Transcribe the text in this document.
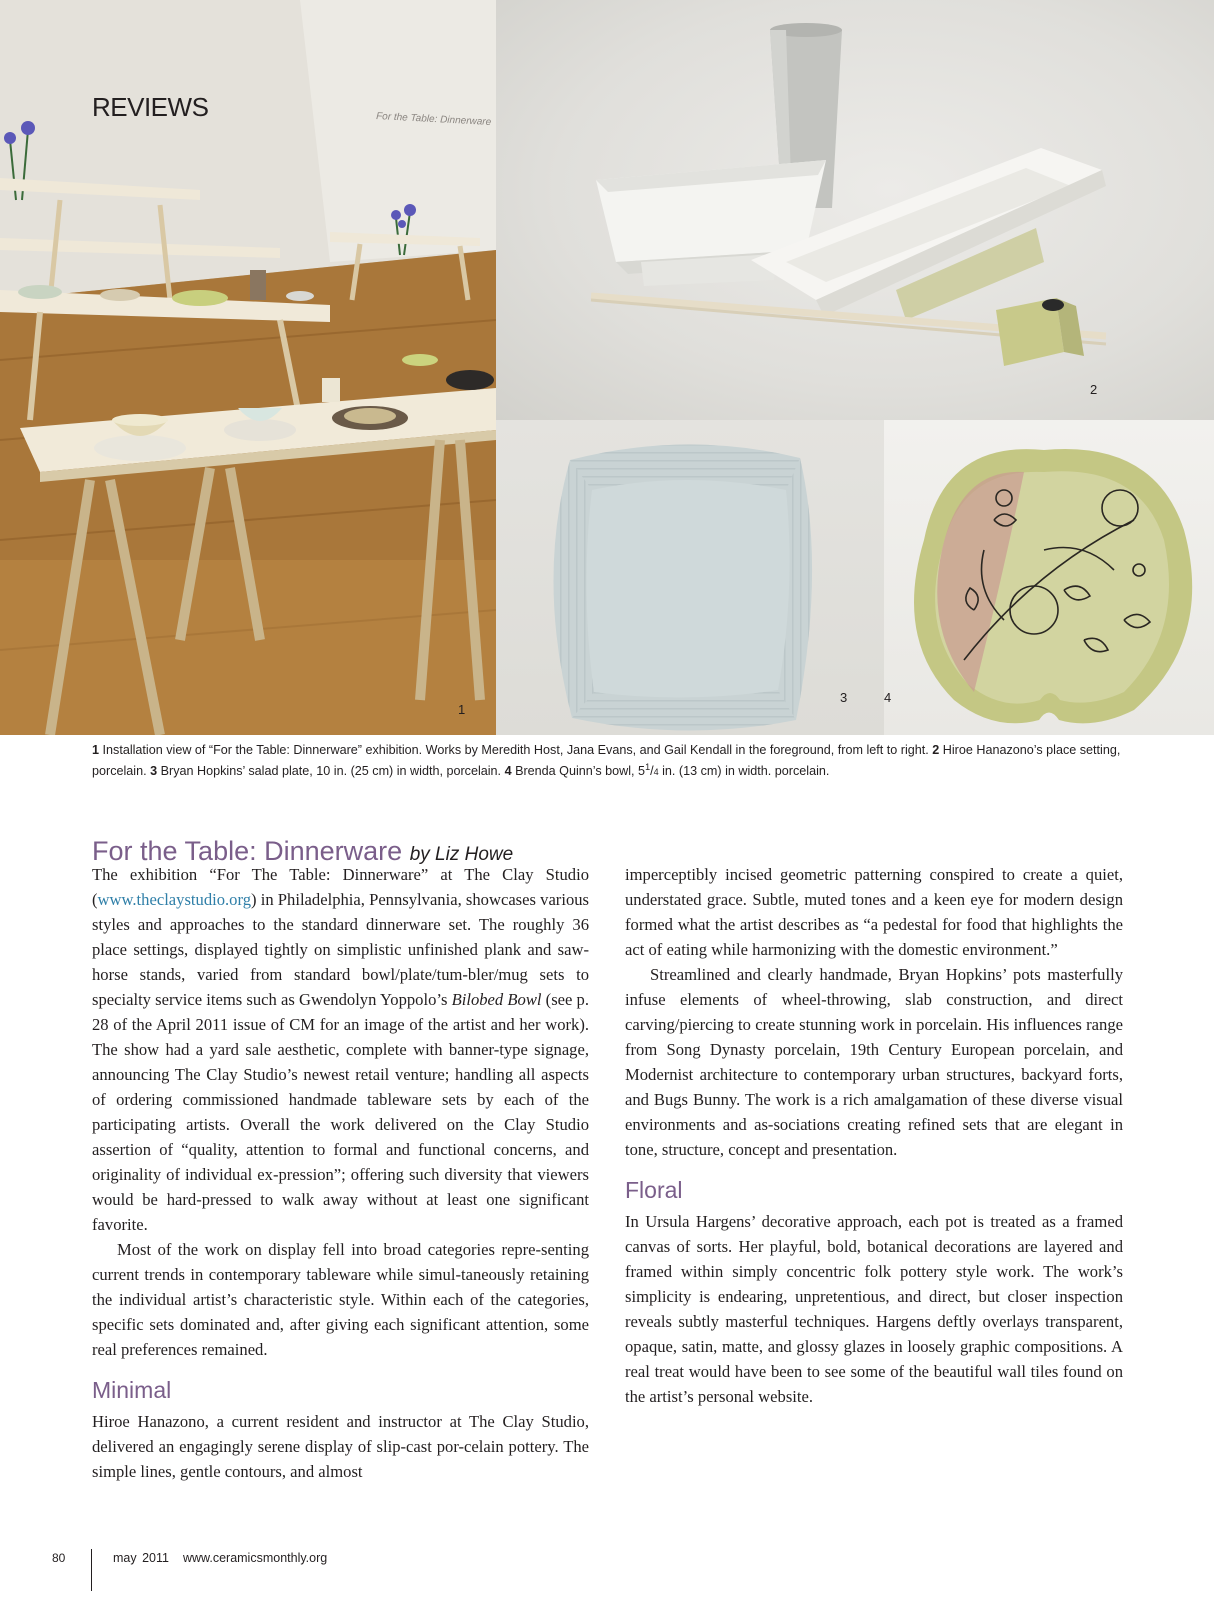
REVIEWS	For the Table: Dinnerware
1
2
3	4
1 Installation view of “For the Table: Dinnerware” exhibition. Works by Meredith Host, Jana Evans, and Gail Kendall in the foreground, from left to right. 2 Hiroe Hanazono’s place setting, porcelain. 3 Bryan Hopkins’ salad plate, 10 in. (25 cm) in width, porcelain. 4 Brenda Quinn’s bowl, $5^1/4$ in. (13 cm) in width. porcelain.
For the Table: Dinnerware by Liz Howe

The exhibition “For The Table: Dinnerware” at The Clay Studio (www.theclaystudio.org) in Philadelphia, Pennsylvania, showcases various styles and approaches to the standard dinnerware set. The roughly 36 place settings, displayed tightly on simplistic unfinished plank and saw-horse stands, varied from standard bowl/plate/tum-bler/mug sets to specialty service items such as Gwendolyn Yoppolo’s Bilobed Bowl (see p. 28 of the April 2011 issue of CM for an image of the artist and her work). The show had a yard sale aesthetic, complete with banner-type signage, announcing The Clay Studio’s newest retail venture; handling all aspects of ordering commissioned handmade tableware sets by each of the participating artists. Overall the work delivered on the Clay Studio assertion of “quality, attention to formal and functional concerns, and originality of individual ex-pression”; offering such diversity that viewers would be hard-pressed to walk away without at least one significant favorite.

Most of the work on display fell into broad categories repre-senting current trends in contemporary tableware while simul-taneously retaining the individual artist’s characteristic style. Within each of the categories, specific sets dominated and, after giving each significant attention, some real preferences remained.

Minimal

Hiroe Hanazono, a current resident and instructor at The Clay Studio, delivered an engagingly serene display of slip-cast por-celain pottery. The simple lines, gentle contours, and almost

imperceptibly incised geometric patterning conspired to create a quiet, understated grace. Subtle, muted tones and a keen eye for modern design formed what the artist describes as “a pedestal for food that highlights the act of eating while harmonizing with the domestic environment.”

Streamlined and clearly handmade, Bryan Hopkins’ pots masterfully infuse elements of wheel-throwing, slab construction, and direct carving/piercing to create stunning work in porcelain. His influences range from Song Dynasty porcelain, 19th Century European porcelain, and Modernist architecture to contemporary urban structures, backyard forts, and Bugs Bunny. The work is a rich amalgamation of these diverse visual environments and as-sociations creating refined sets that are elegant in tone, structure, concept and presentation.

Floral

In Ursula Hargens’ decorative approach, each pot is treated as a framed canvas of sorts. Her playful, bold, botanical decorations are layered and framed within simply concentric folk pottery style work. The work’s simplicity is endearing, unpretentious, and direct, but closer inspection reveals subtly masterful techniques. Hargens deftly overlays transparent, opaque, satin, matte, and glossy glazes in loosely graphic compositions. A real treat would have been to see some of the beautiful wall tiles found on the artist’s personal website.

80	may 2011 www.ceramicsmonthly.org
